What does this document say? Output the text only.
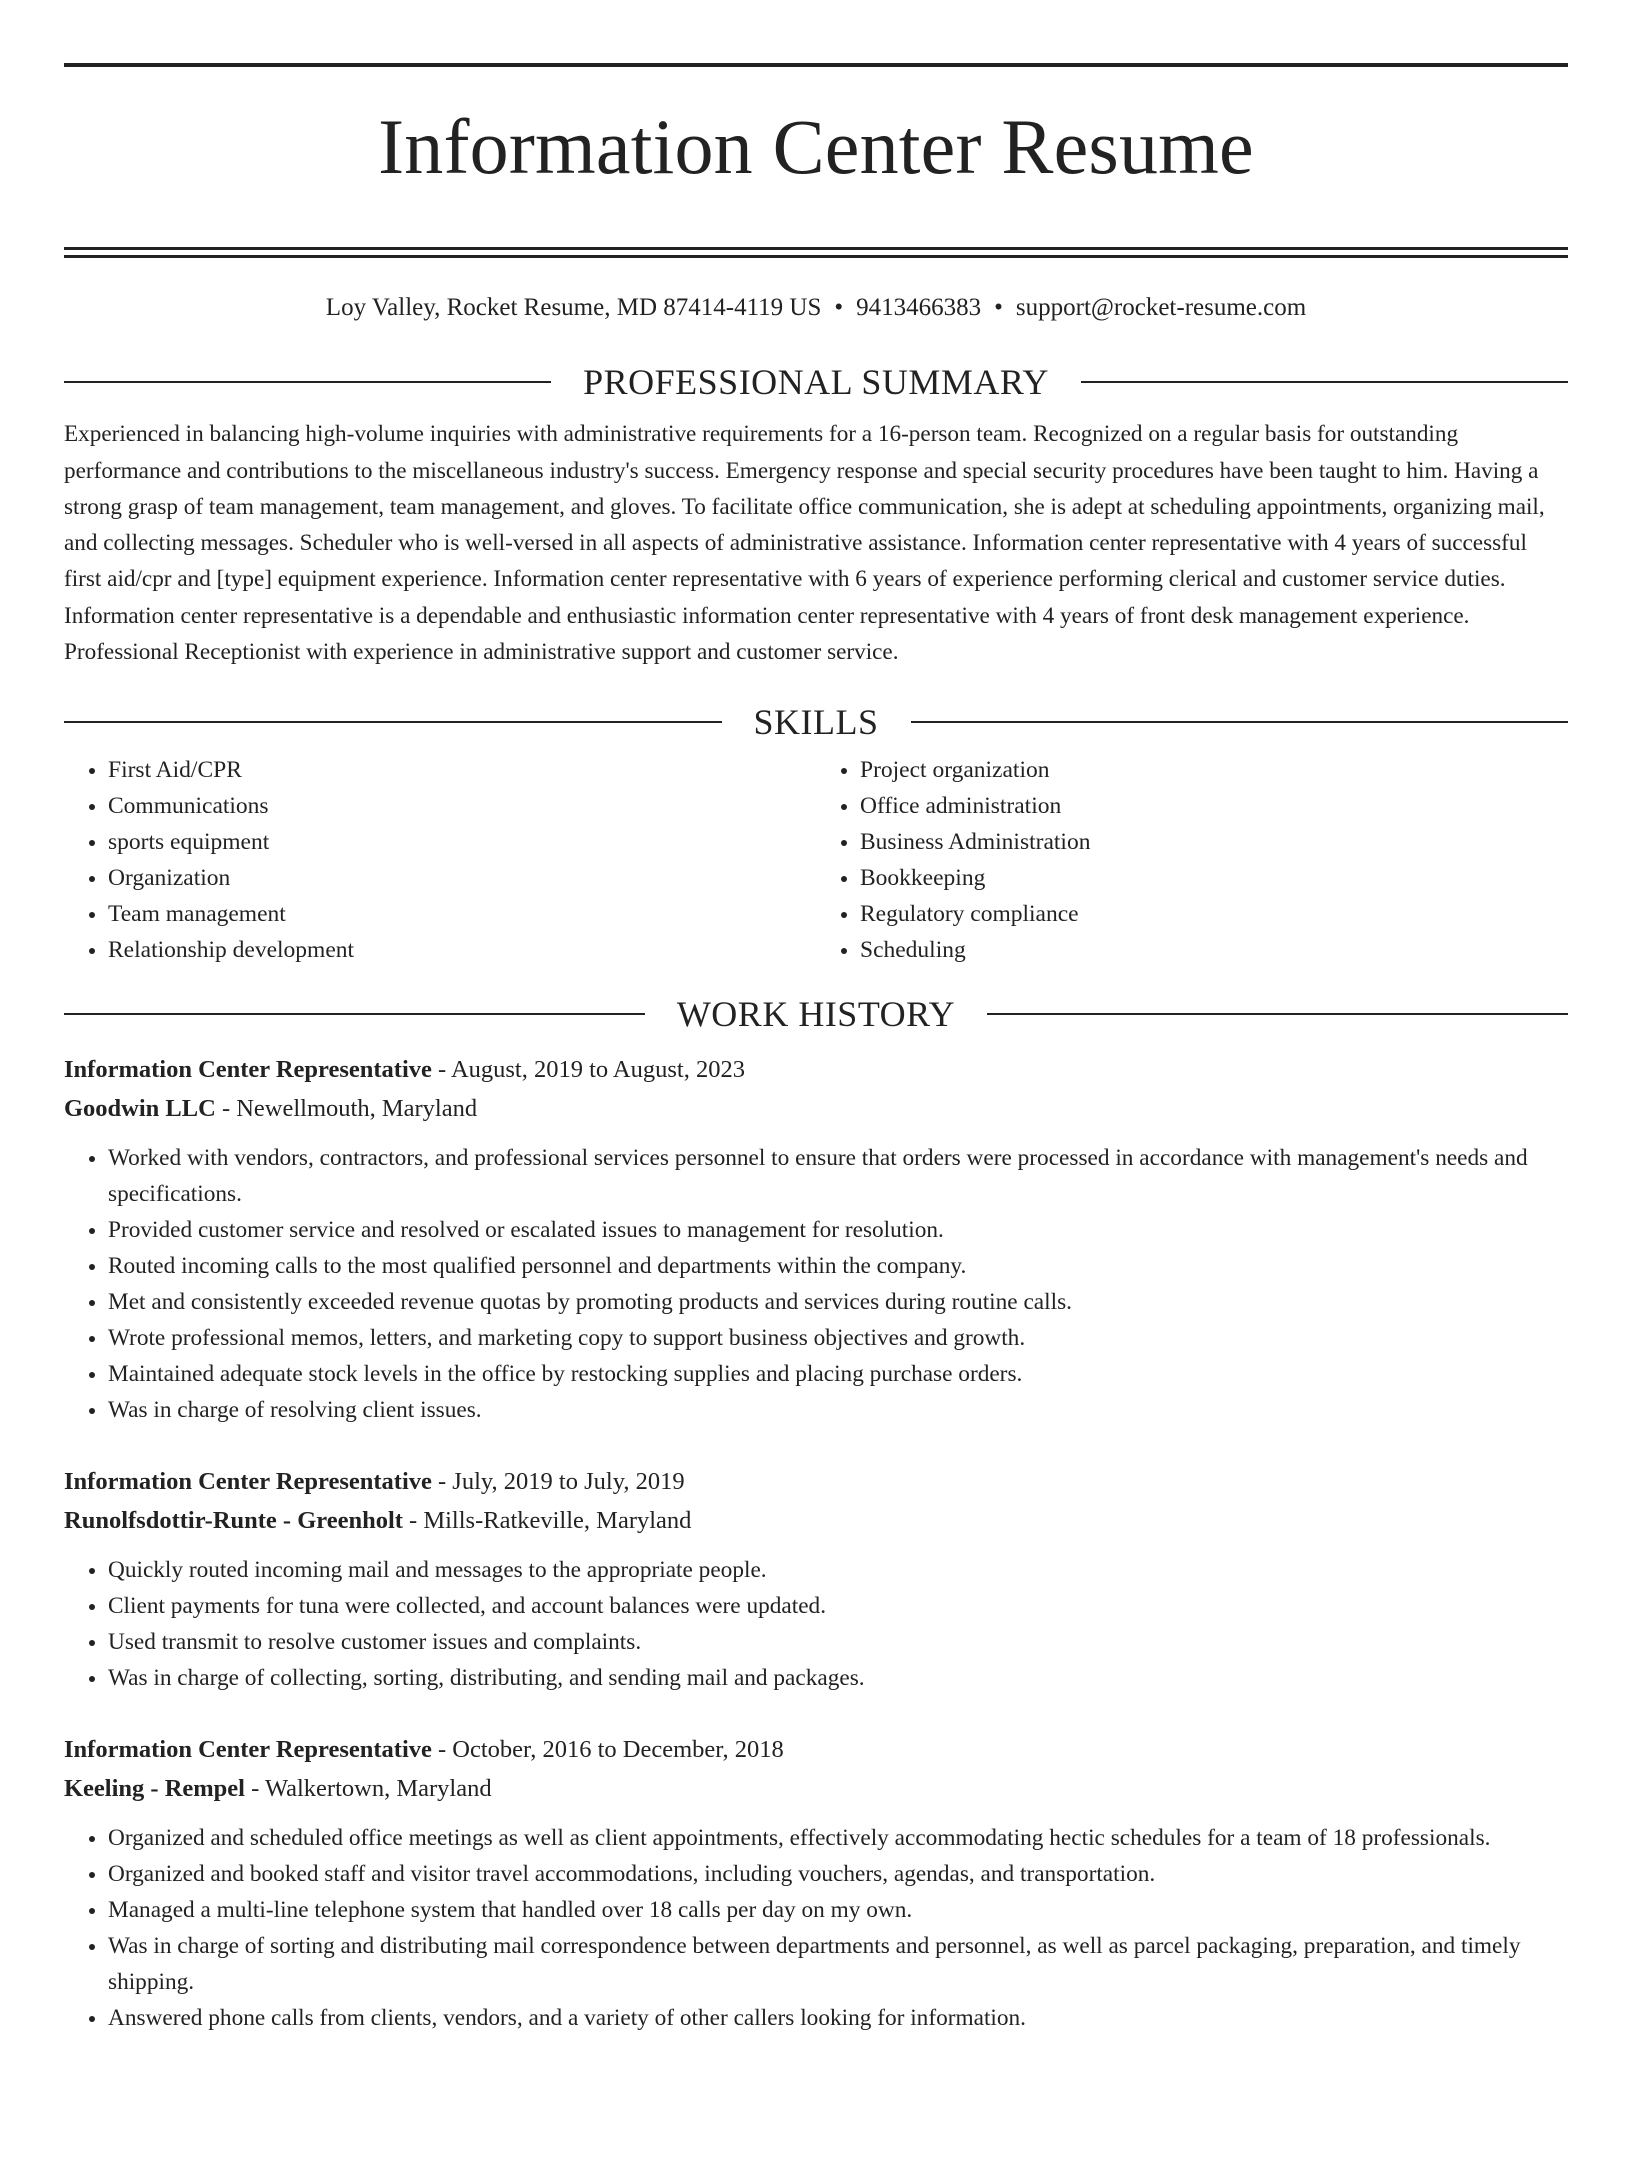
Information Center Resume
Loy Valley, Rocket Resume, MD 87414-4119 US • 9413466383 • support@rocket-resume.com
PROFESSIONAL SUMMARY

Experienced in balancing high-volume inquiries with administrative requirements for a 16-person team. Recognized on a regular basis for outstanding performance and contributions to the miscellaneous industry's success. Emergency response and special security procedures have been taught to him. Having a strong grasp of team management, team management, and gloves. To facilitate office communication, she is adept at scheduling appointments, organizing mail, and collecting messages. Scheduler who is well-versed in all aspects of administrative assistance. Information center representative with 4 years of successful first aid/cpr and [type] equipment experience. Information center representative with 6 years of experience performing clerical and customer service duties. Information center representative is a dependable and enthusiastic information center representative with 4 years of front desk management experience. Professional Receptionist with experience in administrative support and customer service.

SKILLS
• First Aid/CPR
• Communications
• sports equipment
• Organization
• Team management
• Relationship development
• Project organization
• Office administration
• Business Administration
• Bookkeeping
• Regulatory compliance
• Scheduling
WORK HISTORY
Information Center Representative - August, 2019 to August, 2023
Goodwin LLC - Newellmouth, Maryland
• Worked with vendors, contractors, and professional services personnel to ensure that orders were processed in accordance with management's needs and specifications.
• Provided customer service and resolved or escalated issues to management for resolution.
• Routed incoming calls to the most qualified personnel and departments within the company.
• Met and consistently exceeded revenue quotas by promoting products and services during routine calls.
• Wrote professional memos, letters, and marketing copy to support business objectives and growth.
• Maintained adequate stock levels in the office by restocking supplies and placing purchase orders.
• Was in charge of resolving client issues.
Information Center Representative - July, 2019 to July, 2019
Runolfsdottir-Runte - Greenholt - Mills-Ratkeville, Maryland
• Quickly routed incoming mail and messages to the appropriate people.
• Client payments for tuna were collected, and account balances were updated.
• Used transmit to resolve customer issues and complaints.
• Was in charge of collecting, sorting, distributing, and sending mail and packages.
Information Center Representative - October, 2016 to December, 2018
Keeling - Rempel - Walkertown, Maryland
• Organized and scheduled office meetings as well as client appointments, effectively accommodating hectic schedules for a team of 18 professionals.
• Organized and booked staff and visitor travel accommodations, including vouchers, agendas, and transportation.
• Managed a multi-line telephone system that handled over 18 calls per day on my own.
• Was in charge of sorting and distributing mail correspondence between departments and personnel, as well as parcel packaging, preparation, and timely shipping.
• Answered phone calls from clients, vendors, and a variety of other callers looking for information.
